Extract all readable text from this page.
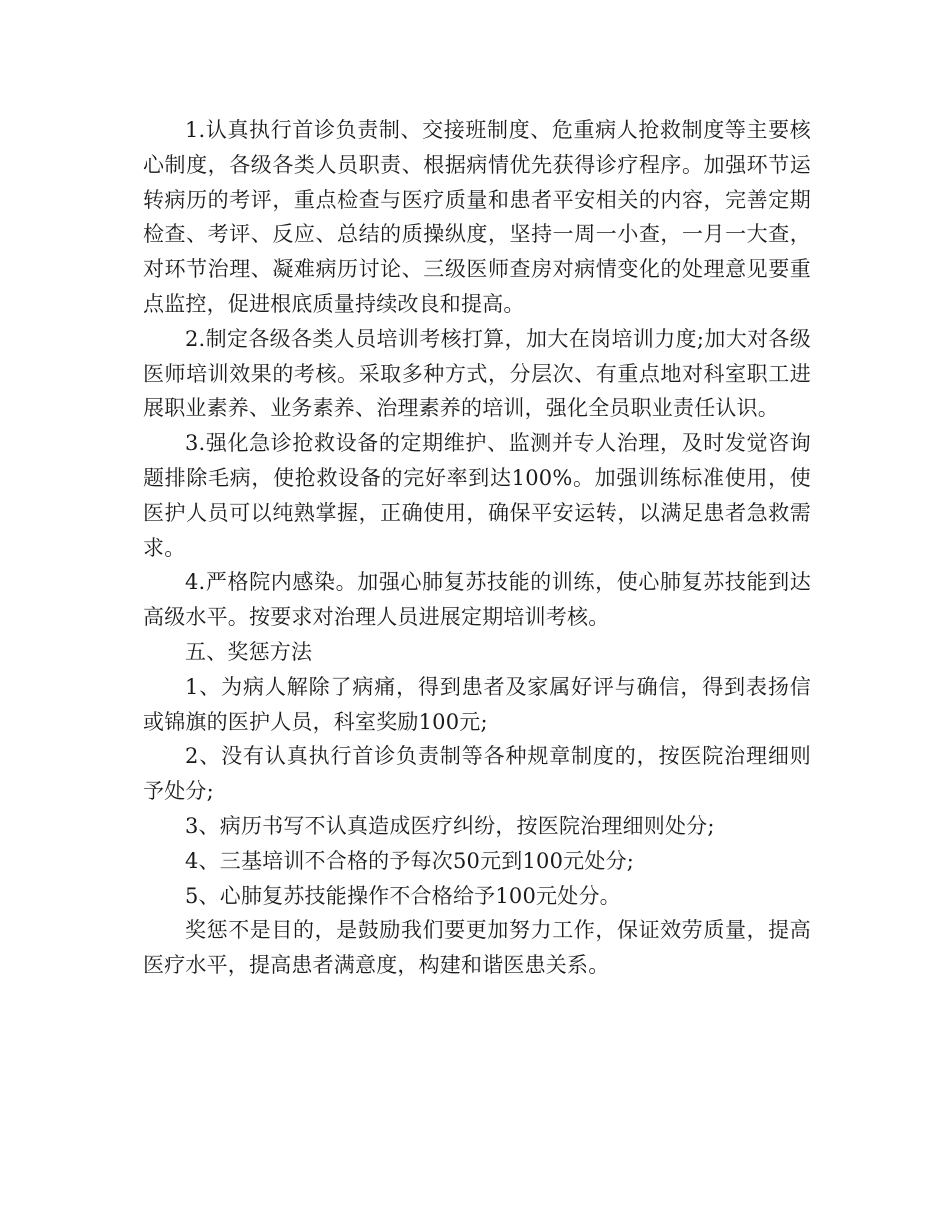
1.认真执行首诊负责制、交接班制度、危重病人抢救制度等主要核心制度，各级各类人员职责、根据病情优先获得诊疗程序。加强环节运转病历的考评，重点检查与医疗质量和患者平安相关的内容，完善定期检查、考评、反应、总结的质操纵度，坚持一周一小查，一月一大查，对环节治理、凝难病历讨论、三级医师查房对病情变化的处理意见要重点监控，促进根底质量持续改良和提高。

2.制定各级各类人员培训考核打算，加大在岗培训力度;加大对各级医师培训效果的考核。采取多种方式，分层次、有重点地对科室职工进展职业素养、业务素养、治理素养的培训，强化全员职业责任认识。

3.强化急诊抢救设备的定期维护、监测并专人治理，及时发觉咨询题排除毛病，使抢救设备的完好率到达100%。加强训练标准使用，使医护人员可以纯熟掌握，正确使用，确保平安运转，以满足患者急救需求。

4.严格院内感染。加强心肺复苏技能的训练，使心肺复苏技能到达高级水平。按要求对治理人员进展定期培训考核。

五、奖惩方法

1、为病人解除了病痛，得到患者及家属好评与确信，得到表扬信或锦旗的医护人员，科室奖励100元;

2、没有认真执行首诊负责制等各种规章制度的，按医院治理细则予处分;

3、病历书写不认真造成医疗纠纷，按医院治理细则处分;

4、三基培训不合格的予每次50元到100元处分;

5、心肺复苏技能操作不合格给予100元处分。

奖惩不是目的，是鼓励我们要更加努力工作，保证效劳质量，提高医疗水平，提高患者满意度，构建和谐医患关系。
